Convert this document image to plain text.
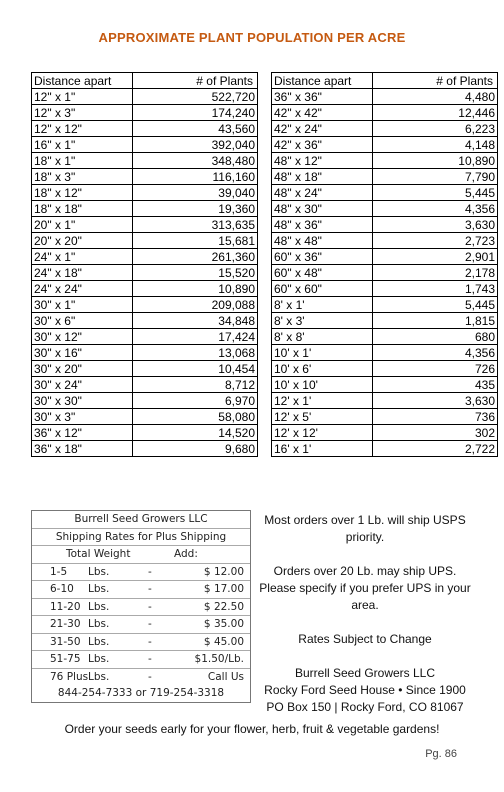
APPROXIMATE PLANT POPULATION PER ACRE
Distance apart	# of Plants
12" x 1"	522,720
12" x 3"	174,240
12" x 12"	43,560
16" x 1"	392,040
18" x 1"	348,480
18" x 3"	116,160
18" x 12"	39,040
18" x 18"	19,360
20" x 1"	313,635
20" x 20"	15,681
24" x 1"	261,360
24" x 18"	15,520
24" x 24"	10,890
30" x 1"	209,088
30" x 6"	34,848
30" x 12"	17,424
30" x 16"	13,068
30" x 20"	10,454
30" x 24"	8,712
30" x 30"	6,970
30" x 3"	58,080
36" x 12"	14,520
36" x 18"	9,680
Distance apart	# of Plants
36" x 36"	4,480
42" x 42"	12,446
42" x 24"	6,223
42" x 36"	4,148
48" x 12"	10,890
48" x 18"	7,790
48" x 24"	5,445
48" x 30"	4,356
48" x 36"	3,630
48" x 48"	2,723
60" x 36"	2,901
60" x 48"	2,178
60" x 60"	1,743
8' x 1'	5,445
8' x 3'	1,815
8' x 8'	680
10' x 1'	4,356
10' x 6'	726
10' x 10'	435
12' x 1'	3,630
12' x 5'	736
12' x 12'	302
16' x 1'	2,722
Burrell Seed Growers LLC
Shipping Rates for Plus Shipping
Total Weight	Add:
1-5 Lbs.	-	$ 12.00
6-10 Lbs.	-	$ 17.00
11-20 Lbs.	-	$ 22.50
21-30 Lbs.	-	$ 35.00
31-50 Lbs.	-	$ 45.00
51-75 Lbs.	-	$1.50/Lb.
76 Plus Lbs.	-	Call Us
844-254-7333 or 719-254-3318

Most orders over 1 Lb. will ship USPS priority.

Orders over 20 Lb. may ship UPS. Please specify if you prefer UPS in your area.

Rates Subject to Change

Burrell Seed Growers LLC

Rocky Ford Seed House • Since 1900

PO Box 150 | Rocky Ford, CO 81067

Order your seeds early for your flower, herb, fruit & vegetable gardens!
Pg. 86
